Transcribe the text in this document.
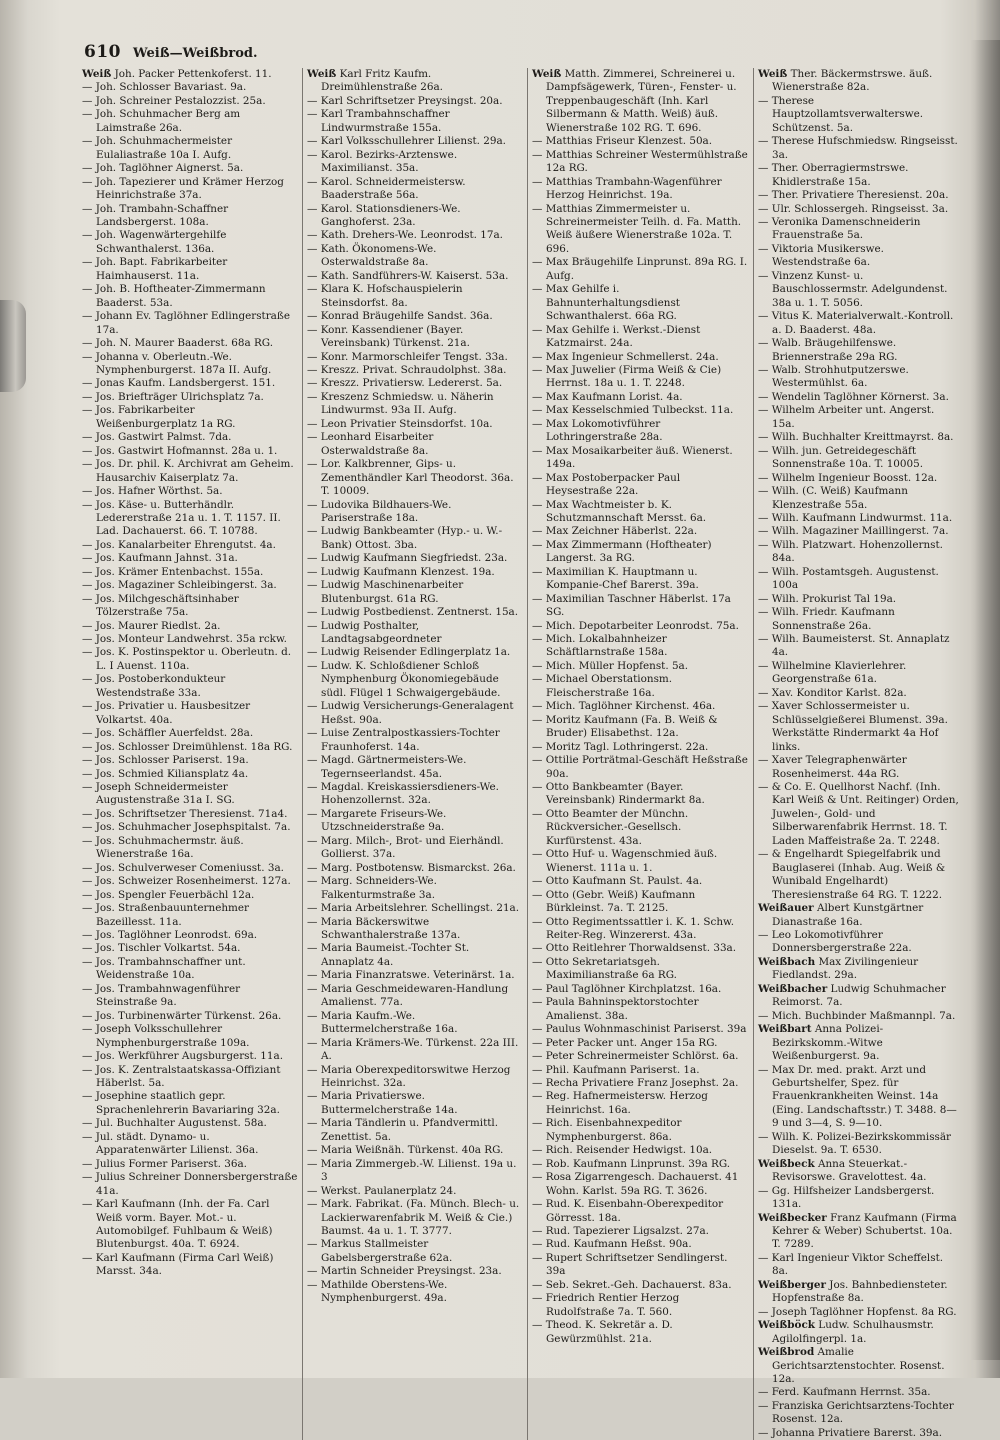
610 Weiß—Weißbrod.
Weiß Joh. Packer Pettenkoferst. 11.
— Joh. Schlosser Bavariast. 9a.
— Joh. Schreiner Pestalozzist. 25a.
— Joh. Schuhmacher Berg am Laimstraße 26a.
— Joh. Schuhmachermeister Eulaliastraße 10a I. Aufg.
— Joh. Taglöhner Aignerst. 5a.
— Joh. Tapezierer und Krämer Herzog Heinrichstraße 37a.
— Joh. Trambahn-Schaffner Landsbergerst. 108a.
— Joh. Wagenwärtergehilfe Schwanthalerst. 136a.
— Joh. Bapt. Fabrikarbeiter Haimhauserst. 11a.
— Joh. B. Hoftheater-Zimmermann Baaderst. 53a.
— Johann Ev. Taglöhner Edlingerstraße 17a.
— Joh. N. Maurer Baaderst. 68a RG.
— Johanna v. Oberleutn.-We. Nymphenburgerst. 187a II. Aufg.
— Jonas Kaufm. Landsbergerst. 151.
— Jos. Briefträger Ulrichsplatz 7a.
— Jos. Fabrikarbeiter Weißenburgerplatz 1a RG.
— Jos. Gastwirt Palmst. 7da.
— Jos. Gastwirt Hofmannst. 28a u. 1.
— Jos. Dr. phil. K. Archivrat am Geheim. Hausarchiv Kaiserplatz 7a.
— Jos. Hafner Wörthst. 5a.
— Jos. Käse- u. Butterhändlr. Ledererstraße 21a u. 1. T. 1157. II. Lad. Dachauerst. 66. T. 10788.
— Jos. Kanalarbeiter Ehrengutst. 4a.
— Jos. Kaufmann Jahnst. 31a.
— Jos. Krämer Entenbachst. 155a.
— Jos. Magaziner Schleibingerst. 3a.
— Jos. Milchgeschäftsinhaber Tölzerstraße 75a.
— Jos. Maurer Riedlst. 2a.
— Jos. Monteur Landwehrst. 35a rckw.
— Jos. K. Postinspektor u. Oberleutn. d. L. I Auenst. 110a.
— Jos. Postoberkondukteur Westendstraße 33a.
— Jos. Privatier u. Hausbesitzer Volkartst. 40a.
— Jos. Schäffler Auerfeldst. 28a.
— Jos. Schlosser Dreimühlenst. 18a RG.
— Jos. Schlosser Pariserst. 19a.
— Jos. Schmied Kiliansplatz 4a.
— Joseph Schneidermeister Augustenstraße 31a I. SG.
— Jos. Schriftsetzer Theresienst. 71a4.
— Jos. Schuhmacher Josephspitalst. 7a.
— Jos. Schuhmachermstr. äuß. Wienerstraße 16a.
— Jos. Schulverweser Comeniusst. 3a.
— Jos. Schweizer Rosenheimerst. 127a.
— Jos. Spengler Feuerbächl 12a.
— Jos. Straßenbauunternehmer Bazeillesst. 11a.
— Jos. Taglöhner Leonrodst. 69a.
— Jos. Tischler Volkartst. 54a.
— Jos. Trambahnschaffner unt. Weidenstraße 10a.
— Jos. Trambahnwagenführer Steinstraße 9a.
— Jos. Turbinenwärter Türkenst. 26a.
— Joseph Volksschullehrer Nymphenburgerstraße 109a.
— Jos. Werkführer Augsburgerst. 11a.
— Jos. K. Zentralstaatskassa-Offiziant Häberlst. 5a.
— Josephine staatlich gepr. Sprachenlehrerin Bavariaring 32a.
— Jul. Buchhalter Augustenst. 58a.
— Jul. städt. Dynamo- u. Apparatenwärter Lilienst. 36a.
— Julius Former Pariserst. 36a.
— Julius Schreiner Donnersbergerstraße 41a.
— Karl Kaufmann (Inh. der Fa. Carl Weiß vorm. Bayer. Mot.- u. Automobilgef. Fuhlbaum & Weiß) Blutenburgst. 40a. T. 6924.
— Karl Kaufmann (Firma Carl Weiß) Marsst. 34a.
Weiß Karl Fritz Kaufm. Dreimühlenstraße 26a.
— Karl Schriftsetzer Preysingst. 20a.
— Karl Trambahnschaffner Lindwurmstraße 155a.
— Karl Volksschullehrer Lilienst. 29a.
— Karol. Bezirks-Arztenswe. Maximilianst. 35a.
— Karol. Schneidermeistersw. Baaderstraße 56a.
— Karol. Stationsdieners-We. Ganghoferst. 23a.
— Kath. Drehers-We. Leonrodst. 17a.
— Kath. Ökonomens-We. Osterwaldstraße 8a.
— Kath. Sandführers-W. Kaiserst. 53a.
— Klara K. Hofschauspielerin Steinsdorfst. 8a.
— Konrad Bräugehilfe Sandst. 36a.
— Konr. Kassendiener (Bayer. Vereinsbank) Türkenst. 21a.
— Konr. Marmorschleifer Tengst. 33a.
— Kreszz. Privat. Schraudolphst. 38a.
— Kreszz. Privatiersw. Ledererst. 5a.
— Kreszenz Schmiedsw. u. Näherin Lindwurmst. 93a II. Aufg.
— Leon Privatier Steinsdorfst. 10a.
— Leonhard Eisarbeiter Osterwaldstraße 8a.
— Lor. Kalkbrenner, Gips- u. Zementhändler Karl Theodorst. 36a. T. 10009.
— Ludovika Bildhauers-We. Pariserstraße 18a.
— Ludwig Bankbeamter (Hyp.- u. W.-Bank) Ottost. 3ba.
— Ludwig Kaufmann Siegfriedst. 23a.
— Ludwig Kaufmann Klenzest. 19a.
— Ludwig Maschinenarbeiter Blutenburgst. 61a RG.
— Ludwig Postbedienst. Zentnerst. 15a.
— Ludwig Posthalter, Landtagsabgeordneter
— Ludwig Reisender Edlingerplatz 1a.
— Ludw. K. Schloßdiener Schloß Nymphenburg Ökonomiegebäude südl. Flügel 1 Schwaigergebäude.
— Ludwig Versicherungs-Generalagent Heßst. 90a.
— Luise Zentralpostkassiers-Tochter Fraunhoferst. 14a.
— Magd. Gärtnermeisters-We. Tegernseerlandst. 45a.
— Magdal. Kreiskassiersdieners-We. Hohenzollernst. 32a.
— Margarete Friseurs-We. Utzschneiderstraße 9a.
— Marg. Milch-, Brot- und Eierhändl. Gollierst. 37a.
— Marg. Postbotensw. Bismarckst. 26a.
— Marg. Schneiders-We. Falkenturmstraße 3a.
— Maria Arbeitslehrer. Schellingst. 21a.
— Maria Bäckerswitwe Schwanthalerstraße 137a.
— Maria Baumeist.-Tochter St. Annaplatz 4a.
— Maria Finanzratswe. Veterinärst. 1a.
— Maria Geschmeidewaren-Handlung Amalienst. 77a.
— Maria Kaufm.-We. Buttermelcherstraße 16a.
— Maria Krämers-We. Türkenst. 22a III. A.
— Maria Oberexpeditorswitwe Herzog Heinrichst. 32a.
— Maria Privatierswe. Buttermelcherstraße 14a.
— Maria Tändlerin u. Pfandvermittl. Zenettist. 5a.
— Maria Weißnäh. Türkenst. 40a RG.
— Maria Zimmergeb.-W. Lilienst. 19a u. 3
— Werkst. Paulanerplatz 24.
— Mark. Fabrikat. (Fa. Münch. Blech- u. Lackierwarenfabrik M. Weiß & Cie.) Baumst. 4a u. 1. T. 3777.
— Markus Stallmeister Gabelsbergerstraße 62a.
— Martin Schneider Preysingst. 23a.
— Mathilde Oberstens-We. Nymphenburgerst. 49a.
Weiß Matth. Zimmerei, Schreinerei u. Dampfsägewerk, Türen-, Fenster- u. Treppenbaugeschäft (Inh. Karl Silbermann & Matth. Weiß) äuß. Wienerstraße 102 RG. T. 696.
— Matthias Friseur Klenzest. 50a.
— Matthias Schreiner Westermühlstraße 12a RG.
— Matthias Trambahn-Wagenführer Herzog Heinrichst. 19a.
— Matthias Zimmermeister u. Schreinermeister Teilh. d. Fa. Matth. Weiß äußere Wienerstraße 102a. T. 696.
— Max Bräugehilfe Linprunst. 89a RG. I. Aufg.
— Max Gehilfe i. Bahnunterhaltungsdienst Schwanthalerst. 66a RG.
— Max Gehilfe i. Werkst.-Dienst Katzmairst. 24a.
— Max Ingenieur Schmellerst. 24a.
— Max Juwelier (Firma Weiß & Cie) Herrnst. 18a u. 1. T. 2248.
— Max Kaufmann Lorist. 4a.
— Max Kesselschmied Tulbeckst. 11a.
— Max Lokomotivführer Lothringerstraße 28a.
— Max Mosaikarbeiter äuß. Wienerst. 149a.
— Max Postoberpacker Paul Heysestraße 22a.
— Max Wachtmeister b. K. Schutzmannschaft Mersst. 6a.
— Max Zeichner Häberlst. 22a.
— Max Zimmermann (Hoftheater) Langerst. 3a RG.
— Maximilian K. Hauptmann u. Kompanie-Chef Barerst. 39a.
— Maximilian Taschner Häberlst. 17a SG.
— Mich. Depotarbeiter Leonrodst. 75a.
— Mich. Lokalbahnheizer Schäftlarnstraße 158a.
— Mich. Müller Hopfenst. 5a.
— Michael Oberstationsm. Fleischerstraße 16a.
— Mich. Taglöhner Kirchenst. 46a.
— Moritz Kaufmann (Fa. B. Weiß & Bruder) Elisabethst. 12a.
— Moritz Tagl. Lothringerst. 22a.
— Ottilie Porträtmal-Geschäft Heßstraße 90a.
— Otto Bankbeamter (Bayer. Vereinsbank) Rindermarkt 8a.
— Otto Beamter der Münchn. Rückversicher.-Gesellsch. Kurfürstenst. 43a.
— Otto Huf- u. Wagenschmied äuß. Wienerst. 111a u. 1.
— Otto Kaufmann St. Paulst. 4a.
— Otto (Gebr. Weiß) Kaufmann Bürkleinst. 7a. T. 2125.
— Otto Regimentssattler i. K. 1. Schw. Reiter-Reg. Winzererst. 43a.
— Otto Reitlehrer Thorwaldsenst. 33a.
— Otto Sekretariatsgeh. Maximilianstraße 6a RG.
— Paul Taglöhner Kirchplatzst. 16a.
— Paula Bahninspektorstochter Amalienst. 38a.
— Paulus Wohnmaschinist Pariserst. 39a
— Peter Packer unt. Anger 15a RG.
— Peter Schreinermeister Schlörst. 6a.
— Phil. Kaufmann Pariserst. 1a.
— Recha Privatiere Franz Josephst. 2a.
— Reg. Hafnermeistersw. Herzog Heinrichst. 16a.
— Rich. Eisenbahnexpeditor Nymphenburgerst. 86a.
— Rich. Reisender Hedwigst. 10a.
— Rob. Kaufmann Linprunst. 39a RG.
— Rosa Zigarrengesch. Dachauerst. 41 Wohn. Karlst. 59a RG. T. 3626.
— Rud. K. Eisenbahn-Oberexpeditor Görresst. 18a.
— Rud. Tapezierer Ligsalzst. 27a.
— Rud. Kaufmann Heßst. 90a.
— Rupert Schriftsetzer Sendlingerst. 39a
— Seb. Sekret.-Geh. Dachauerst. 83a.
— Friedrich Rentier Herzog Rudolfstraße 7a. T. 560.
— Theod. K. Sekretär a. D. Gewürzmühlst. 21a.
Weiß Ther. Bäckermstrswe. äuß. Wienerstraße 82a.
— Therese Hauptzollamtsverwalterswe. Schützenst. 5a.
— Therese Hufschmiedsw. Ringseisst. 3a.
— Ther. Oberragiermstrswe. Khidlerstraße 15a.
— Ther. Privatiere Theresienst. 20a.
— Ulr. Schlossergeh. Ringseisst. 3a.
— Veronika Damenschneiderin Frauenstraße 5a.
— Viktoria Musikerswe. Westendstraße 6a.
— Vinzenz Kunst- u. Bauschlossermstr. Adelgundenst. 38a u. 1. T. 5056.
— Vitus K. Materialverwalt.-Kontroll. a. D. Baaderst. 48a.
— Walb. Bräugehilfenswe. Briennerstraße 29a RG.
— Walb. Strohhutputzerswe. Westermühlst. 6a.
— Wendelin Taglöhner Körnerst. 3a.
— Wilhelm Arbeiter unt. Angerst. 15a.
— Wilh. Buchhalter Kreittmayrst. 8a.
— Wilh. jun. Getreidegeschäft Sonnenstraße 10a. T. 10005.
— Wilhelm Ingenieur Boosst. 12a.
— Wilh. (C. Weiß) Kaufmann Klenzestraße 55a.
— Wilh. Kaufmann Lindwurmst. 11a.
— Wilh. Magaziner Maillingerst. 7a.
— Wilh. Platzwart. Hohenzollernst. 84a.
— Wilh. Postamtsgeh. Augustenst. 100a
— Wilh. Prokurist Tal 19a.
— Wilh. Friedr. Kaufmann Sonnenstraße 26a.
— Wilh. Baumeisterst. St. Annaplatz 4a.
— Wilhelmine Klavierlehrer. Georgenstraße 61a.
— Xav. Konditor Karlst. 82a.
— Xaver Schlossermeister u. Schlüsselgießerei Blumenst. 39a. Werkstätte Rindermarkt 4a Hof links.
— Xaver Telegraphenwärter Rosenheimerst. 44a RG.
— & Co. E. Quellhorst Nachf. (Inh. Karl Weiß & Unt. Reitinger) Orden, Juwelen-, Gold- und Silberwarenfabrik Herrnst. 18. T. Laden Maffeistraße 2a. T. 2248.
— & Engelhardt Spiegelfabrik und Bauglaserei (Inhab. Aug. Weiß & Wunibald Engelhardt) Theresienstraße 64 RG. T. 1222.
Weißauer Albert Kunstgärtner Dianastraße 16a.
— Leo Lokomotivführer Donnersbergerstraße 22a.
Weißbach Max Zivilingenieur Fiedlandst. 29a.
Weißbacher Ludwig Schuhmacher Reimorst. 7a.
— Mich. Buchbinder Maßmannpl. 7a.
Weißbart Anna Polizei-Bezirkskomm.-Witwe Weißenburgerst. 9a.
— Max Dr. med. prakt. Arzt und Geburtshelfer, Spez. für Frauenkrankheiten Weinst. 14a (Eing. Landschaftsstr.) T. 3488. 8—9 und 3—4, S. 9—10.
— Wilh. K. Polizei-Bezirkskommissär Dieselst. 9a. T. 6530.
Weißbeck Anna Steuerkat.-Revisorswe. Gravelottest. 4a.
— Gg. Hilfsheizer Landsbergerst. 131a.
Weißbecker Franz Kaufmann (Firma Kehrer & Weber) Schubertst. 10a. T. 7289.
— Karl Ingenieur Viktor Scheffelst. 8a.
Weißberger Jos. Bahnbediensteter. Hopfenstraße 8a.
— Joseph Taglöhner Hopfenst. 8a RG.
Weißböck Ludw. Schulhausmstr. Agilolfingerpl. 1a.
Weißbrod Amalie Gerichtsarztenstochter. Rosenst. 12a.
— Ferd. Kaufmann Herrnst. 35a.
— Franziska Gerichtsarztens-Tochter Rosenst. 12a.
— Johanna Privatiere Barerst. 39a.
